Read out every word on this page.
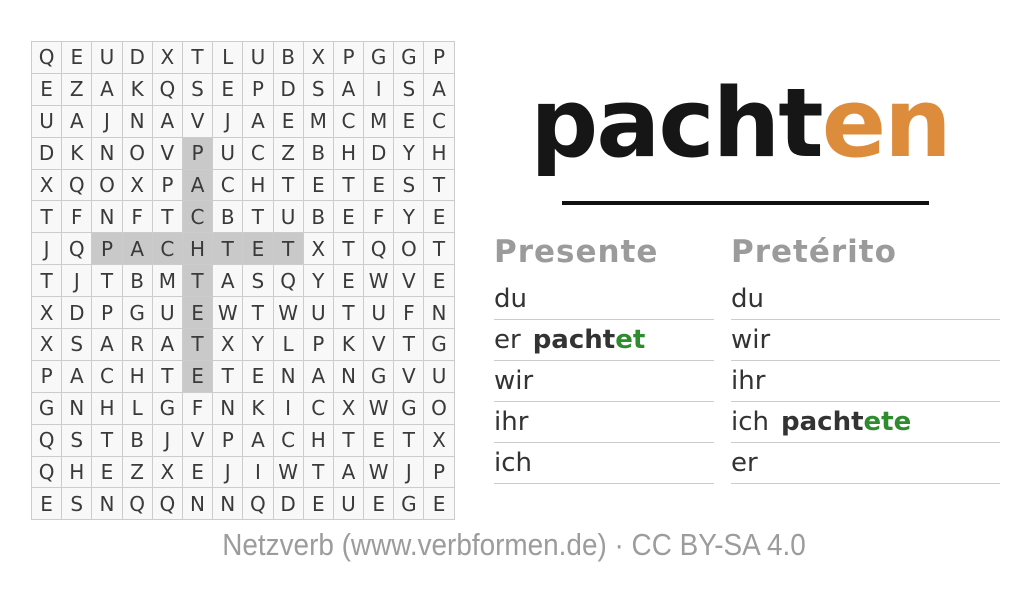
Q E U D X T L U B X P G G P
E Z A K Q S E P D S A	I	S A
U A	J N A V	J	A E M C M E C
D K N O V P U C Z B H D Y H
X Q O X P A C H T E T E S T
T F N F T C B T U B E F Y E
J Q P A C H T E T X T Q O T
T	J	T B M T A S Q Y E W V E
X D P G U E W T W U T U F N
X S A R A T X Y L P K V T G
P A C H T E T E N A N G V U
G N H L G F N K	I	C X W G O
Q S T B	J	V P A C H T E T X
Q H E Z X E	J	I W T A W J	P
E S N Q Q N N Q D E U E G E
pachten
Presente
du
er pachtet
wir
ihr
ich
Pretérito
du
wir
ihr
ich pachtete
er
Netzverb (www.verbformen.de) · CC BY-SA 4.0
